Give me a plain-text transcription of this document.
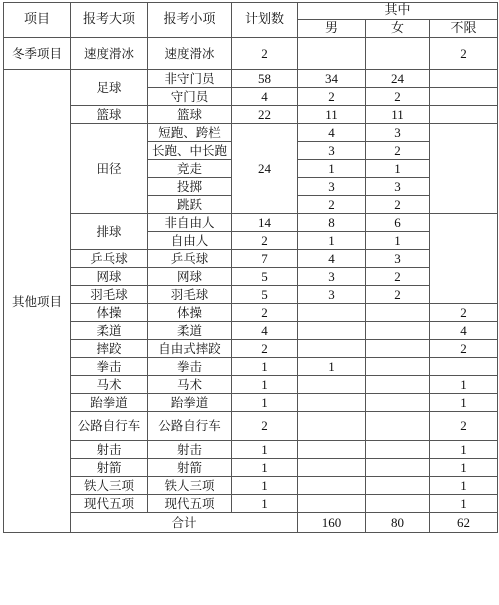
项目	报考大项	报考小项	计划数	其中			
				男	女	不限	
冬季项目	速度滑冰	速度滑冰	2			2	
其他项目	足球	非守门员	58	34	24		
		守门员	4	2	2		
	篮球	篮球	22	11	11		
	田径	短跑、跨栏	24	4	3		
		长跑、中长跑		3	2		
		竞走		1	1		
		投掷		3	3		
		跳跃		2	2		
	排球	非自由人	14	8	6		
		自由人	2	1	1		
	乒乓球	乒乓球	7	4	3		
	网球	网球	5	3	2		
	羽毛球	羽毛球	5	3	2		
	体操	体操	2			2	
	柔道	柔道	4			4	
	摔跤	自由式摔跤	2			2	
	拳击	拳击	1	1			
	马术	马术	1			1	
	跆拳道	跆拳道	1			1	
	公路自行车	公路自行车	2			2	
	射击	射击	1			1	
	射箭	射箭	1			1	
	铁人三项	铁人三项	1			1	
	现代五项	现代五项	1			1	
	合计			160	80	62	
